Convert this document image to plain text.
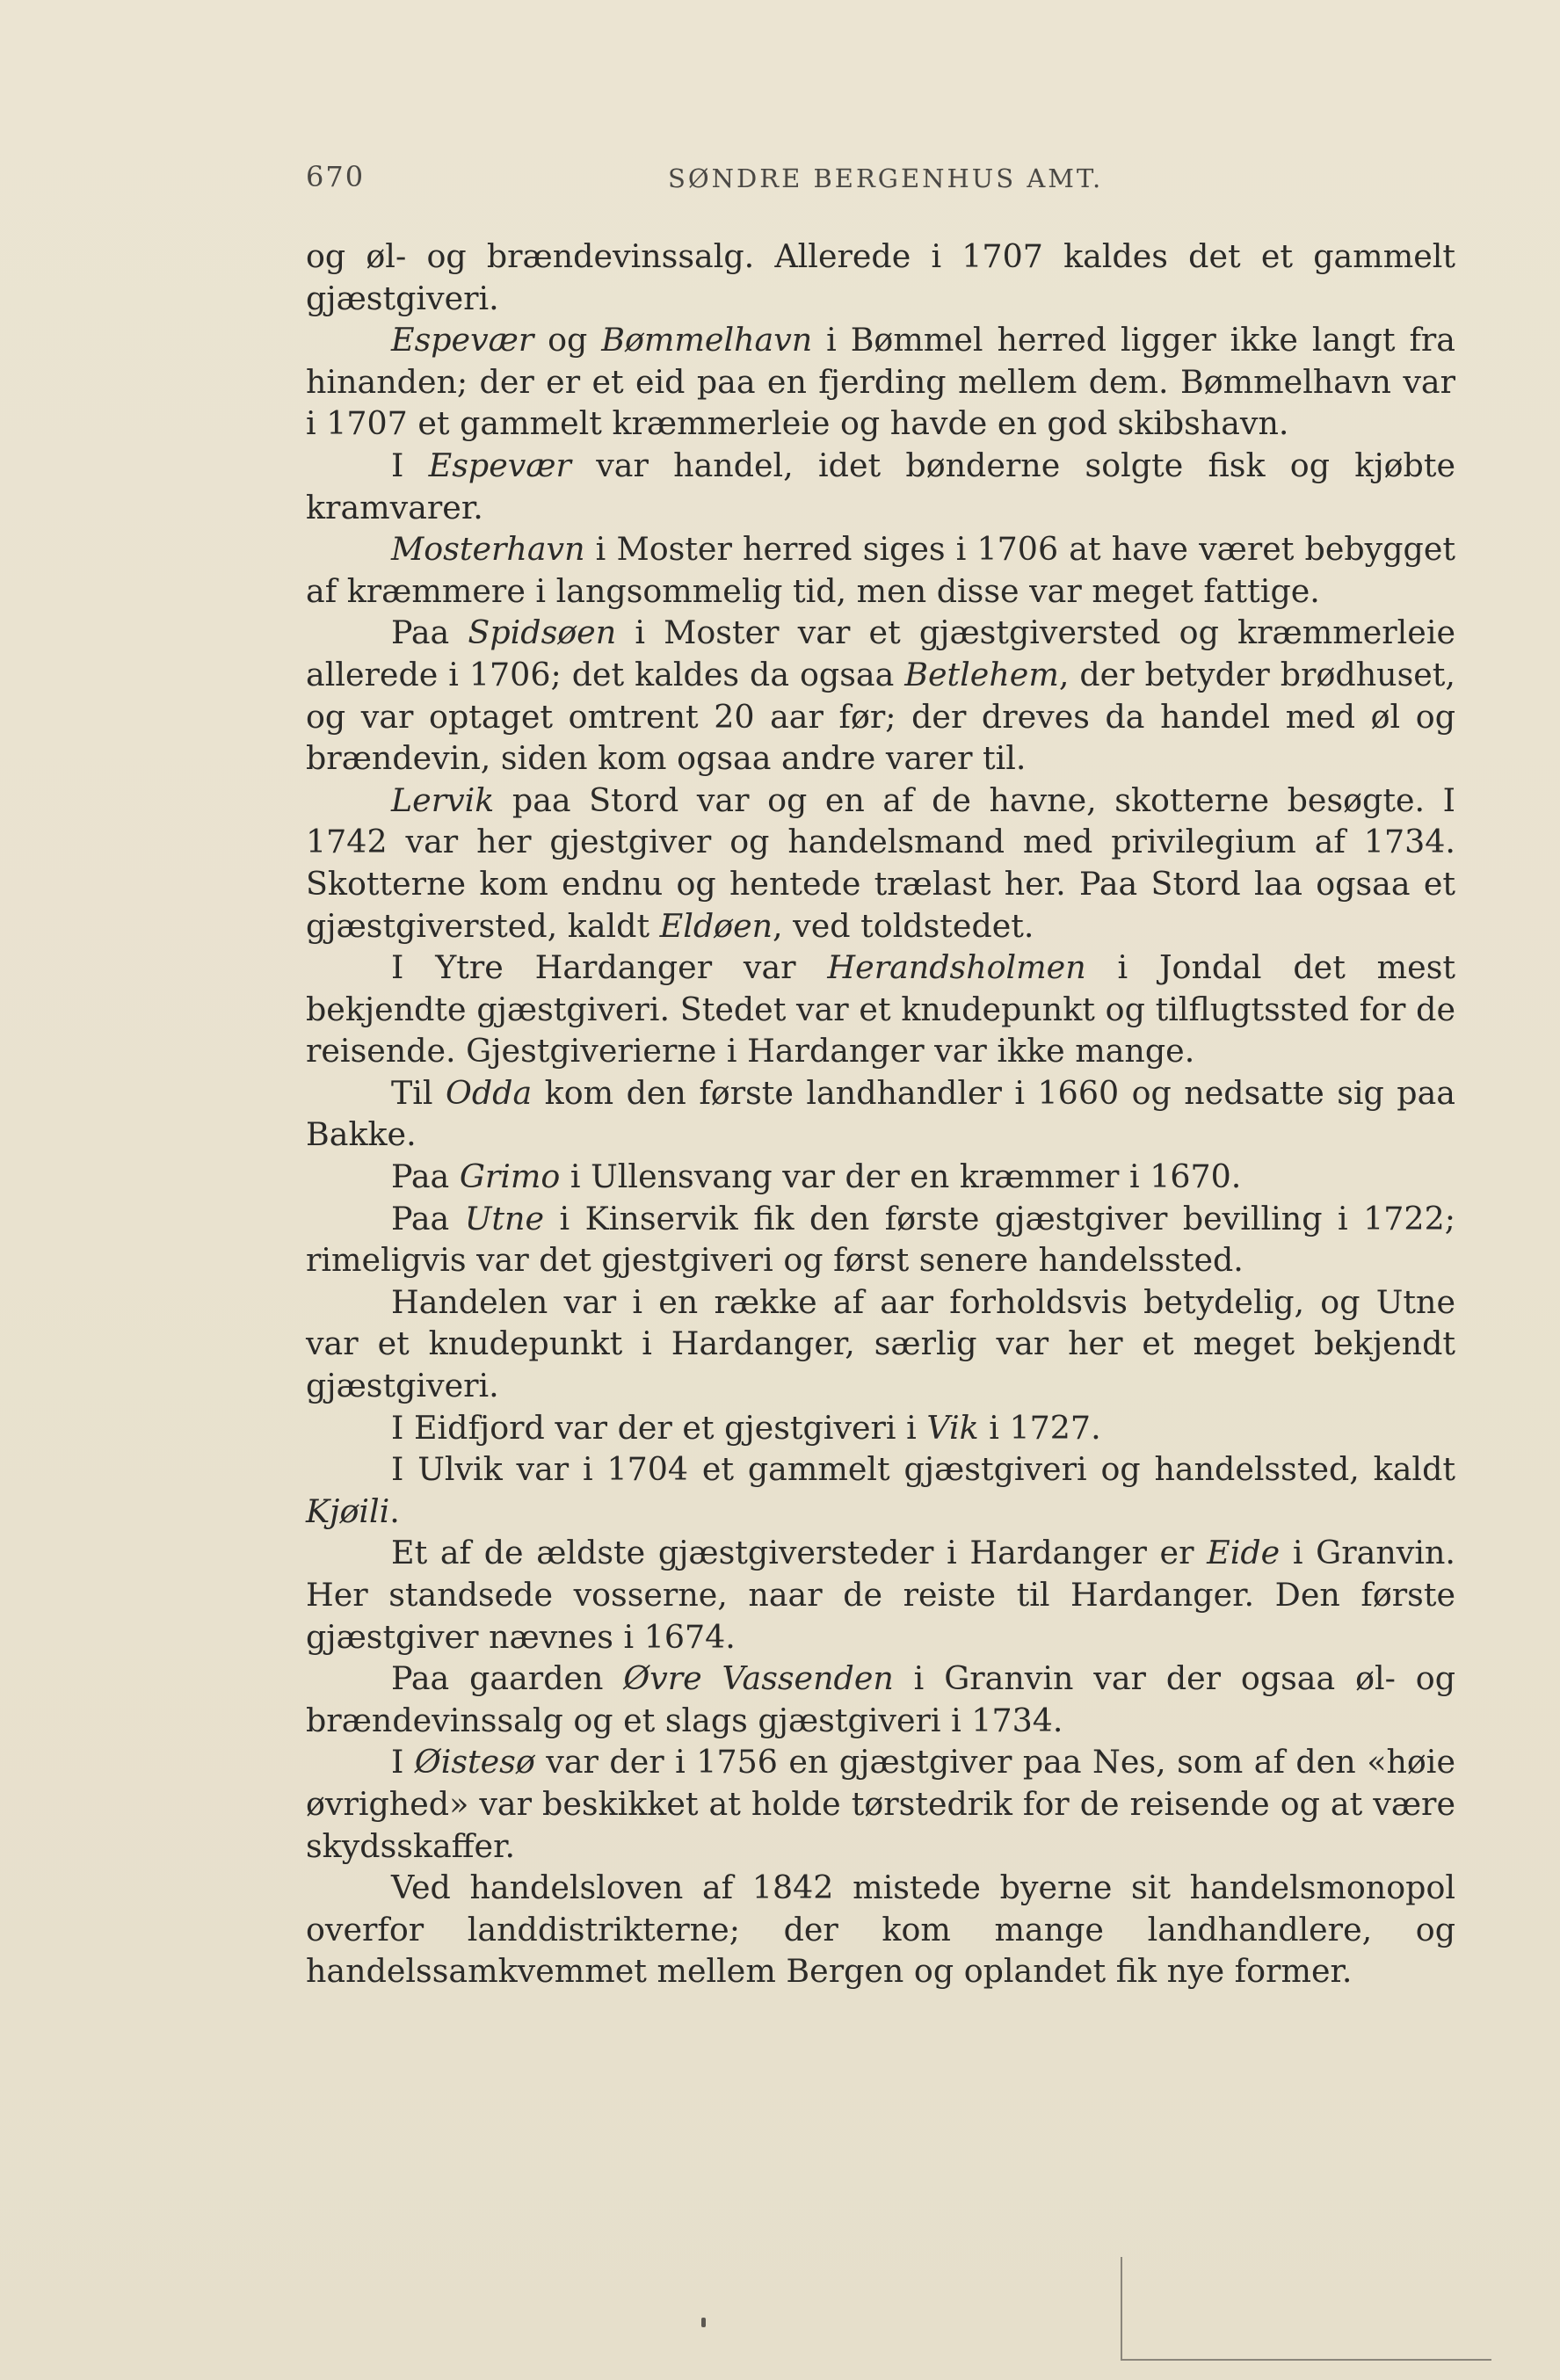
670	SØNDRE BERGENHUS AMT.

og øl- og brændevinssalg. Allerede i 1707 kaldes det et gammelt gjæstgiveri.

Espevær og Bømmelhavn i Bømmel herred ligger ikke langt fra hinanden; der er et eid paa en fjerding mellem dem. Bømmelhavn var i 1707 et gammelt kræmmerleie og havde en god skibshavn.

I Espevær var handel, idet bønderne solgte fisk og kjøbte kramvarer.

Mosterhavn i Moster herred siges i 1706 at have været bebygget af kræmmere i langsommelig tid, men disse var meget fattige.

Paa Spidsøen i Moster var et gjæstgiversted og kræmmerleie allerede i 1706; det kaldes da ogsaa Betlehem, der betyder brødhuset, og var optaget omtrent 20 aar før; der dreves da handel med øl og brændevin, siden kom ogsaa andre varer til.

Lervik paa Stord var og en af de havne, skotterne besøgte. I 1742 var her gjestgiver og handelsmand med privilegium af 1734. Skotterne kom endnu og hentede trælast her. Paa Stord laa ogsaa et gjæstgiversted, kaldt Eldøen, ved toldstedet.

I Ytre Hardanger var Herandsholmen i Jondal det mest bekjendte gjæstgiveri. Stedet var et knudepunkt og tilflugtssted for de reisende. Gjestgiverierne i Hardanger var ikke mange.

Til Odda kom den første landhandler i 1660 og nedsatte sig paa Bakke.

Paa Grimo i Ullensvang var der en kræmmer i 1670.

Paa Utne i Kinservik fik den første gjæstgiver bevilling i 1722; rimeligvis var det gjestgiveri og først senere handelssted.

Handelen var i en række af aar forholdsvis betydelig, og Utne var et knudepunkt i Hardanger, særlig var her et meget bekjendt gjæstgiveri.

I Eidfjord var der et gjestgiveri i Vik i 1727.

I Ulvik var i 1704 et gammelt gjæstgiveri og handelssted, kaldt Kjøili.

Et af de ældste gjæstgiversteder i Hardanger er Eide i Granvin. Her standsede vosserne, naar de reiste til Hardanger. Den første gjæstgiver nævnes i 1674.

Paa gaarden Øvre Vassenden i Granvin var der ogsaa øl- og brændevinssalg og et slags gjæstgiveri i 1734.

I Øistesø var der i 1756 en gjæstgiver paa Nes, som af den «høie øvrighed» var beskikket at holde tørstedrik for de reisende og at være skydsskaffer.

Ved handelsloven af 1842 mistede byerne sit handelsmonopol overfor landdistrikterne; der kom mange landhandlere, og handelssamkvemmet mellem Bergen og oplandet fik nye former.
